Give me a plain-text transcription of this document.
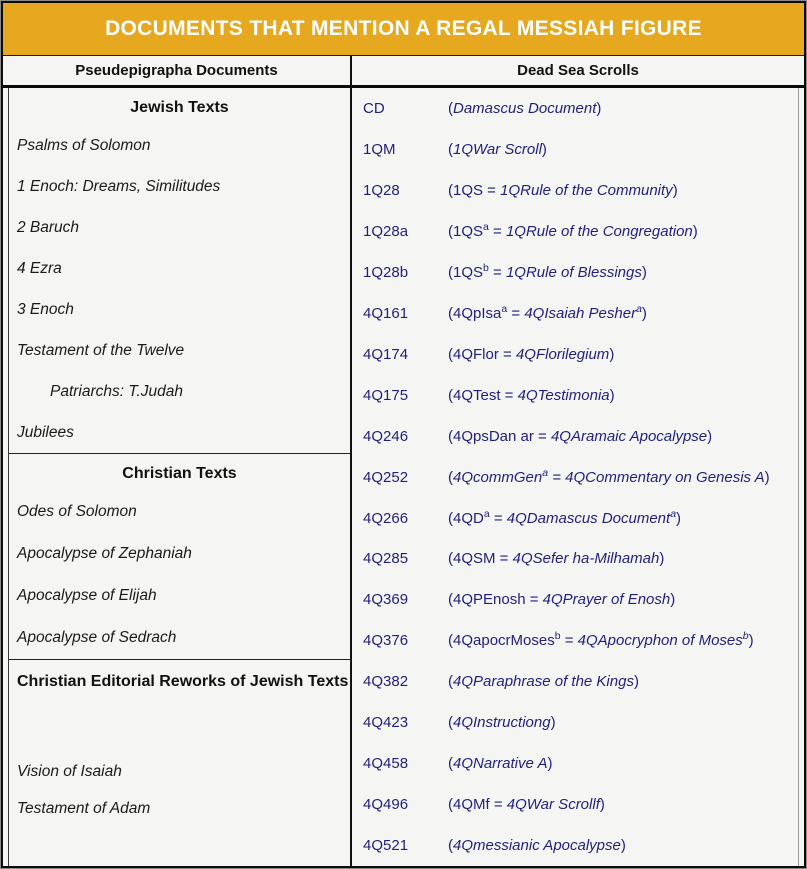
DOCUMENTS THAT MENTION A REGAL MESSIAH FIGURE
Pseudepigrapha Documents	Dead Sea Scrolls
Jewish Texts
Psalms of Solomon
1 Enoch: Dreams, Similitudes
2 Baruch
4 Ezra
3 Enoch
Testament of the Twelve
Patriarchs: T.Judah
Jubilees
Christian Texts
Odes of Solomon
Apocalypse of Zephaniah
Apocalypse of Elijah
Apocalypse of Sedrach
Christian Editorial Reworks of Jewish Texts
Vision of Isaiah
Testament of Adam
CD	(Damascus Document)
1QM	(1QWar Scroll)
1Q28	(1QS = 1QRule of the Community)
1Q28a	($1QS^a$ = 1QRule of the Congregation)
1Q28b	($1QS^b$ = 1QRule of Blessings)
4Q161	(4QpIsa$^a$ = 4QIsaiah Pesher$^a$)
4Q174	(4QFlor = 4QFlorilegium)
4Q175	(4QTest = 4QTestimonia)
4Q246	(4QpsDan ar = 4QAramaic Apocalypse)
4Q252	(4QcommGen$^a$ = 4QCommentary on Genesis A)
4Q266	($4QD^a$ = 4QDamascus Document$^a$)
4Q285	(4QSM = 4QSefer ha-Milhamah)
4Q369	(4QPEnosh = 4QPrayer of Enosh)
4Q376	(4QapocrMoses$^b$ = 4QApocryphon of Moses$^b$)
4Q382	(4QParaphrase of the Kings)
4Q423	(4QInstructiong)
4Q458	(4QNarrative A)
4Q496	(4QMf = 4QWar Scrollf)
4Q521	(4Qmessianic Apocalypse)
